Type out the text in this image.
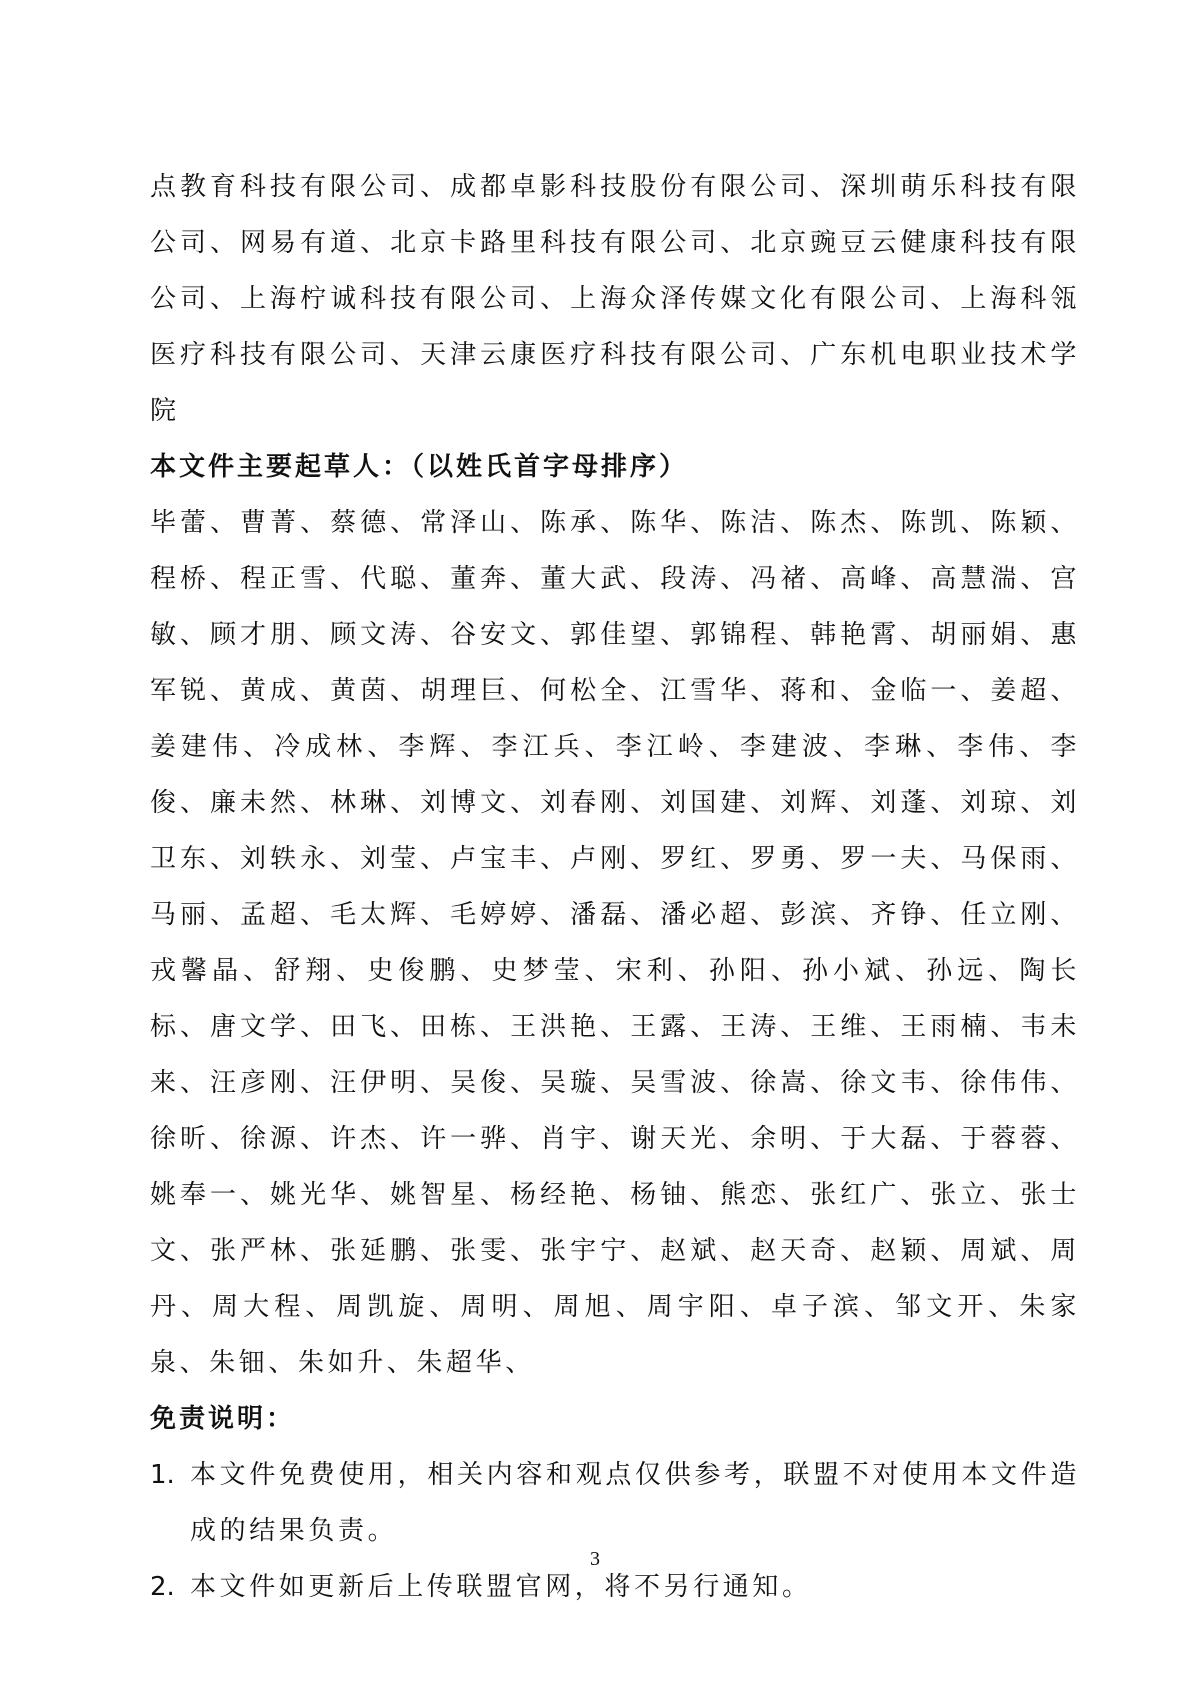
点教育科技有限公司、成都卓影科技股份有限公司、深圳萌乐科技有限公司、网易有道、北京卡路里科技有限公司、北京豌豆云健康科技有限公司、上海柠诚科技有限公司、上海众泽传媒文化有限公司、上海科瓴医疗科技有限公司、天津云康医疗科技有限公司、广东机电职业技术学院

本文件主要起草人：（以姓氏首字母排序）

毕蕾、曹菁、蔡德、常泽山、陈承、陈华、陈洁、陈杰、陈凯、陈颖、程桥、程正雪、代聪、董奔、董大武、段涛、冯禇、高峰、高慧湍、宫敏、顾才朋、顾文涛、谷安文、郭佳望、郭锦程、韩艳霄、胡丽娟、惠军锐、黄成、黄茵、胡理巨、何松全、江雪华、蒋和、金临一、姜超、姜建伟、冷成林、李辉、李江兵、李江岭、李建波、李琳、李伟、李俊、廉未然、林琳、刘博文、刘春刚、刘国建、刘辉、刘蓬、刘琼、刘卫东、刘轶永、刘莹、卢宝丰、卢刚、罗红、罗勇、罗一夫、马保雨、马丽、孟超、毛太辉、毛婷婷、潘磊、潘必超、彭滨、齐铮、任立刚、戎馨晶、舒翔、史俊鹏、史梦莹、宋利、孙阳、孙小斌、孙远、陶长标、唐文学、田飞、田栋、王洪艳、王露、王涛、王维、王雨楠、韦未来、汪彦刚、汪伊明、吴俊、吴璇、吴雪波、徐嵩、徐文韦、徐伟伟、徐昕、徐源、许杰、许一骅、肖宇、谢天光、余明、于大磊、于蓉蓉、姚奉一、姚光华、姚智星、杨经艳、杨铀、熊恋、张红广、张立、张士文、张严林、张延鹏、张雯、张宇宁、赵斌、赵天奇、赵颖、周斌、周丹、周大程、周凯旋、周明、周旭、周宇阳、卓子滨、邹文开、朱家泉、朱钿、朱如升、朱超华、

免责说明：

1. 本文件免费使用，相关内容和观点仅供参考，联盟不对使用本文件造成的结果负责。
2. 本文件如更新后上传联盟官网，将不另行通知。
3
